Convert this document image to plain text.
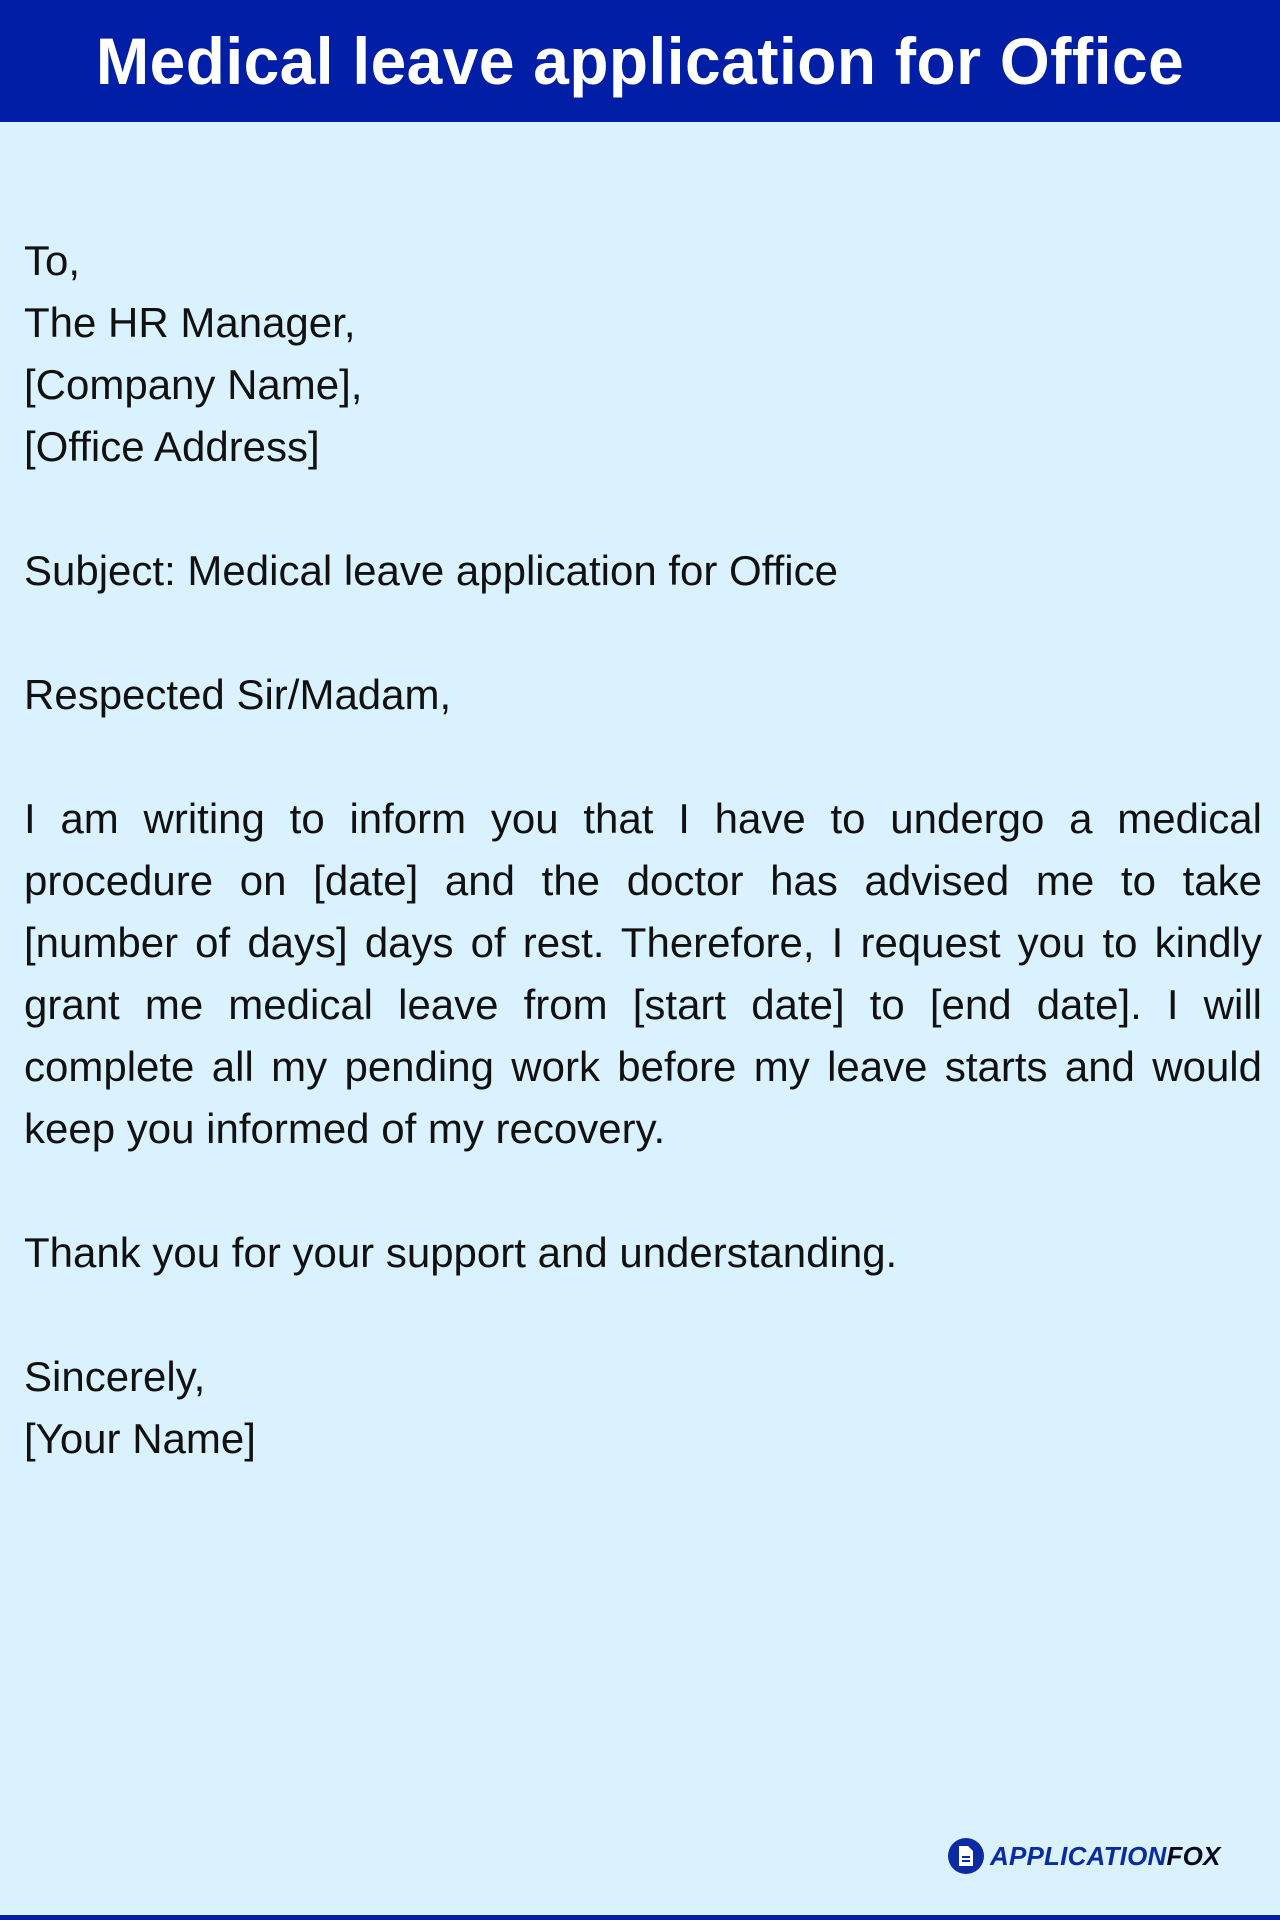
Medical leave application for Office
To,
The HR Manager,
[Company Name],
[Office Address]
Subject: Medical leave application for Office
Respected Sir/Madam,
I am writing to inform you that I have to undergo a medical procedure on [date] and the doctor has advised me to take [number of days] days of rest. Therefore, I request you to kindly grant me medical leave from [start date] to [end date]. I will complete all my pending work before my leave starts and would keep you informed of my recovery.
Thank you for your support and understanding.
Sincerely,
[Your Name]
APPLICATIONFOX
